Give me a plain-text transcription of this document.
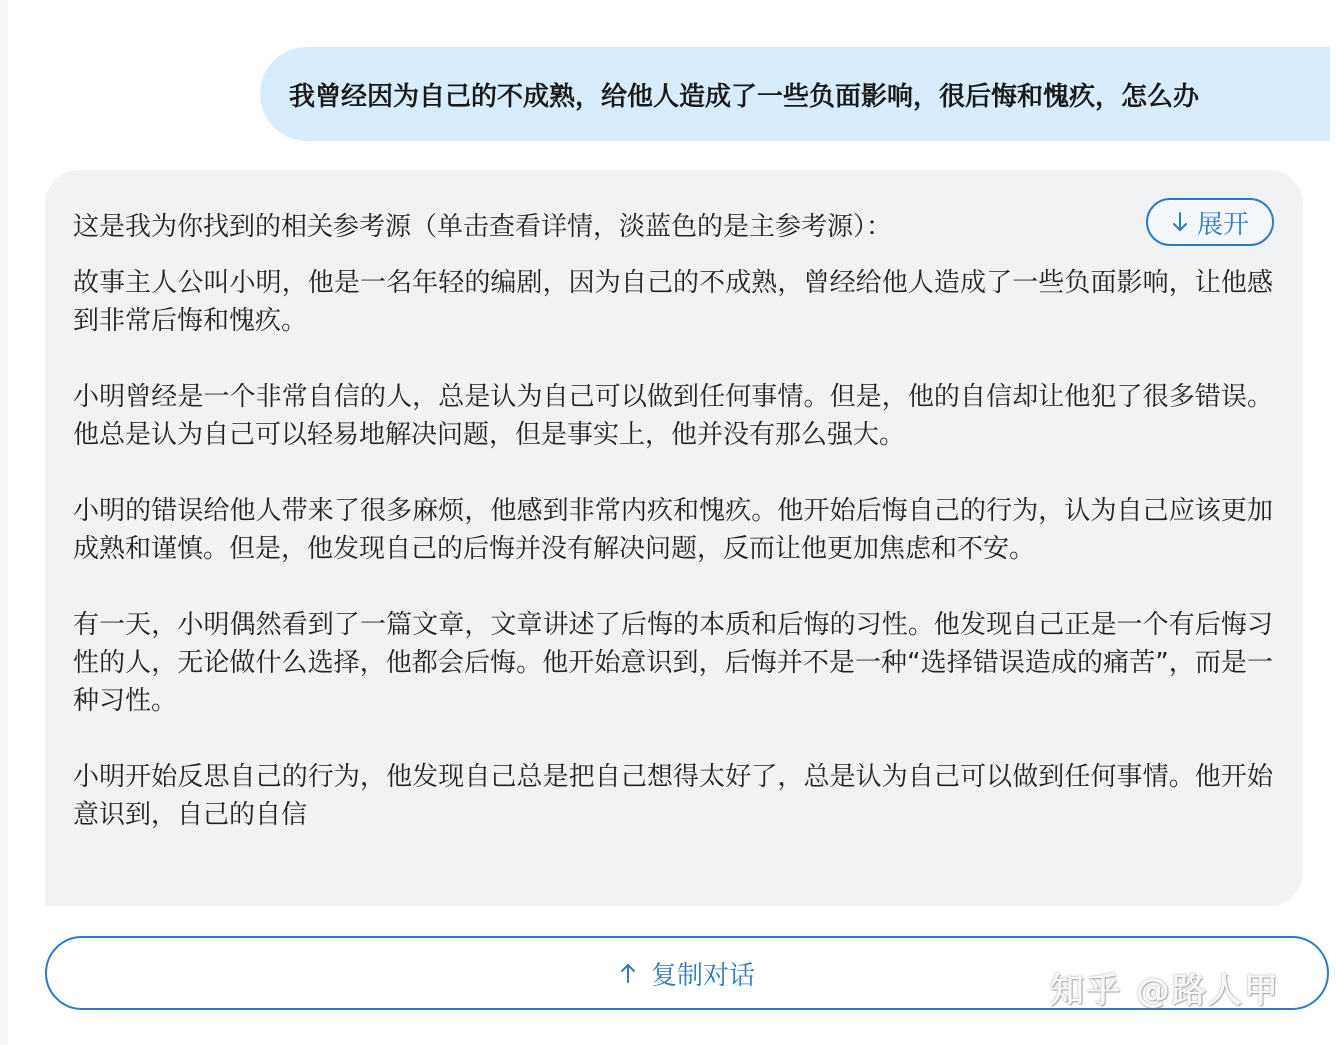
我曾经因为自己的不成熟，给他人造成了一些负面影响，很后悔和愧疚，怎么办
这是我为你找到的相关参考源（单击查看详情，淡蓝色的是主参考源）：	展开

故事主人公叫小明，他是一名年轻的编剧，因为自己的不成熟，曾经给他人造成了一些负面影响，让他感到非常后悔和愧疚。

小明曾经是一个非常自信的人，总是认为自己可以做到任何事情。但是，他的自信却让他犯了很多错误。他总是认为自己可以轻易地解决问题，但是事实上，他并没有那么强大。

小明的错误给他人带来了很多麻烦，他感到非常内疚和愧疚。他开始后悔自己的行为，认为自己应该更加成熟和谨慎。但是，他发现自己的后悔并没有解决问题，反而让他更加焦虑和不安。

有一天，小明偶然看到了一篇文章，文章讲述了后悔的本质和后悔的习性。他发现自己正是一个有后悔习性的人，无论做什么选择，他都会后悔。他开始意识到，后悔并不是一种“选择错误造成的痛苦”，而是一种习性。

小明开始反思自己的行为，他发现自己总是把自己想得太好了，总是认为自己可以做到任何事情。他开始意识到，自己的自信

复制对话	知乎 @路人甲
